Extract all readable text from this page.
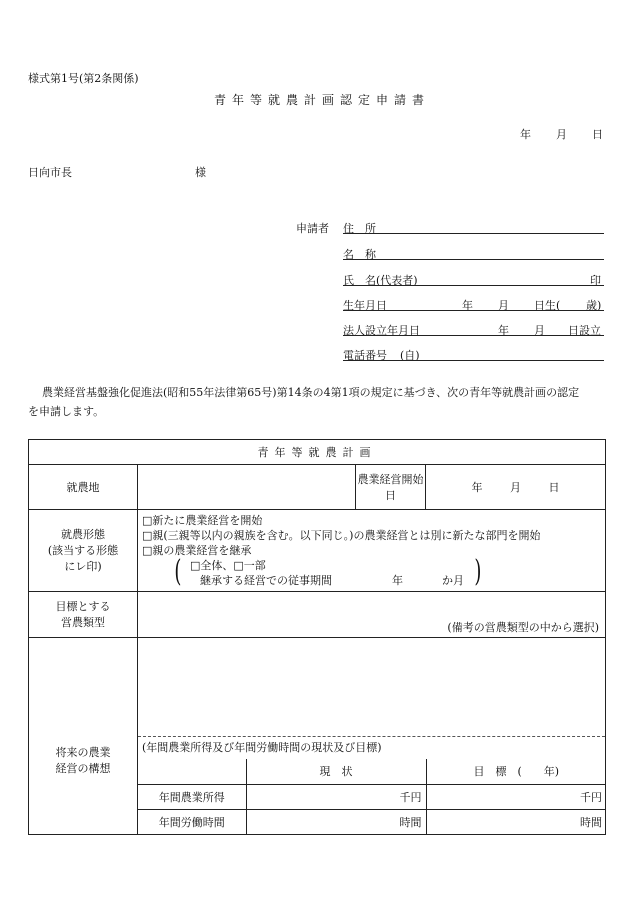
様式第1号(第2条関係)
青年等就農計画認定申請書
年 月 日
日向市長	様
申請者 住　所
名　称
氏　名(代表者)	印
生年月日	年 月 日生( 歳)
法人設立年月日	年 月 日設立
電話番号 (自)
農業経営基盤強化促進法(昭和55年法律第65号)第14条の4第1項の規定に基づき、次の青年等就農計画の認定
を申請します。
青年等就農計画
就農地		農業経営開始日	年	月	日

就農形態
(該当する形態
にレ印)

□新たに農業経営を開始
□親(三親等以内の親族を含む。以下同じ。)の農業経営とは別に新たな部門を開始
□親の農業経営を継承
( □全体、□一部
継承する経営での従事期間	年	か月 )

目標とする
営農類型	(備考の営農類型の中から選択)

将来の農業
経営の構想

(年間農業所得及び年間労働時間の現状及び目標)
	現　状	目　標　(　　年)
年間農業所得	千円	千円
年間労働時間	時間	時間
